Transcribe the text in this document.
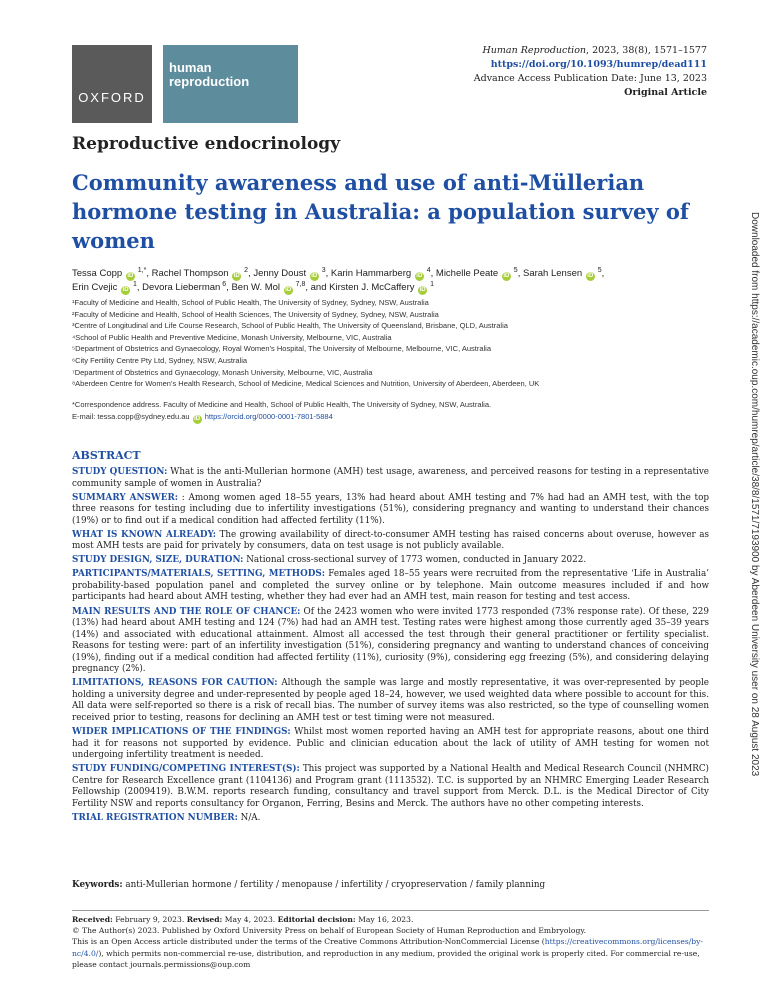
OXFORD
human
reproduction
Human Reproduction, 2023, 38(8), 1571–1577
https://doi.org/10.1093/humrep/dead111
Advance Access Publication Date: June 13, 2023
Original Article
Reproductive endocrinology
Community awareness and use of anti-Müllerian hormone testing in Australia: a population survey of women
Tessa Copp iD $^{1,*}$, Rachel Thompson iD $^2$, Jenny Doust iD $^3$, Karin Hammarberg iD $^4$, Michelle Peate iD $^5$, Sarah Lensen iD $^5$,
Erin Cvejic iD $^1$, Devora Lieberman $^6$, Ben W. Mol iD $^{7,8}$, and Kirsten J. McCaffery iD $^1$
¹Faculty of Medicine and Health, School of Public Health, The University of Sydney, Sydney, NSW, Australia
²Faculty of Medicine and Health, School of Health Sciences, The University of Sydney, Sydney, NSW, Australia
³Centre of Longitudinal and Life Course Research, School of Public Health, The University of Queensland, Brisbane, QLD, Australia
⁴School of Public Health and Preventive Medicine, Monash University, Melbourne, VIC, Australia
⁵Department of Obstetrics and Gynaecology, Royal Women’s Hospital, The University of Melbourne, Melbourne, VIC, Australia
⁶City Fertility Centre Pty Ltd, Sydney, NSW, Australia
⁷Department of Obstetrics and Gynaecology, Monash University, Melbourne, VIC, Australia
⁸Aberdeen Centre for Women’s Health Research, School of Medicine, Medical Sciences and Nutrition, University of Aberdeen, Aberdeen, UK
*Correspondence address. Faculty of Medicine and Health, School of Public Health, The University of Sydney, NSW, Australia.
E-mail: tessa.copp@sydney.edu.au iD https://orcid.org/0000-0001-7801-5884
ABSTRACT

STUDY QUESTION: What is the anti-Mullerian hormone (AMH) test usage, awareness, and perceived reasons for testing in a representative community sample of women in Australia?

SUMMARY ANSWER: : Among women aged 18–55 years, 13% had heard about AMH testing and 7% had had an AMH test, with the top three reasons for testing including due to infertility investigations (51%), considering pregnancy and wanting to understand their chances (19%) or to find out if a medical condition had affected fertility (11%).

WHAT IS KNOWN ALREADY: The growing availability of direct-to-consumer AMH testing has raised concerns about overuse, however as most AMH tests are paid for privately by consumers, data on test usage is not publicly available.

STUDY DESIGN, SIZE, DURATION: National cross-sectional survey of 1773 women, conducted in January 2022.

PARTICIPANTS/MATERIALS, SETTING, METHODS: Females aged 18–55 years were recruited from the representative ‘Life in Australia’ probability-based population panel and completed the survey online or by telephone. Main outcome measures included if and how participants had heard about AMH testing, whether they had ever had an AMH test, main reason for testing and test access.

MAIN RESULTS AND THE ROLE OF CHANCE: Of the 2423 women who were invited 1773 responded (73% response rate). Of these, 229 (13%) had heard about AMH testing and 124 (7%) had had an AMH test. Testing rates were highest among those currently aged 35–39 years (14%) and associated with educational attainment. Almost all accessed the test through their general practitioner or fertility specialist. Reasons for testing were: part of an infertility investigation (51%), considering pregnancy and wanting to understand chances of conceiving (19%), finding out if a medical condition had affected fertility (11%), curiosity (9%), considering egg freezing (5%), and considering delaying pregnancy (2%).

LIMITATIONS, REASONS FOR CAUTION: Although the sample was large and mostly representative, it was over-represented by people holding a university degree and under-represented by people aged 18–24, however, we used weighted data where possible to account for this. All data were self-reported so there is a risk of recall bias. The number of survey items was also restricted, so the type of counselling women received prior to testing, reasons for declining an AMH test or test timing were not measured.

WIDER IMPLICATIONS OF THE FINDINGS: Whilst most women reported having an AMH test for appropriate reasons, about one third had it for reasons not supported by evidence. Public and clinician education about the lack of utility of AMH testing for women not undergoing infertility treatment is needed.

STUDY FUNDING/COMPETING INTEREST(S): This project was supported by a National Health and Medical Research Council (NHMRC) Centre for Research Excellence grant (1104136) and Program grant (1113532). T.C. is supported by an NHMRC Emerging Leader Research Fellowship (2009419). B.W.M. reports research funding, consultancy and travel support from Merck. D.L. is the Medical Director of City Fertility NSW and reports consultancy for Organon, Ferring, Besins and Merck. The authors have no other competing interests.

TRIAL REGISTRATION NUMBER: N/A.

Keywords: anti-Mullerian hormone / fertility / menopause / infertility / cryopreservation / family planning
Received: February 9, 2023. Revised: May 4, 2023. Editorial decision: May 16, 2023.
© The Author(s) 2023. Published by Oxford University Press on behalf of European Society of Human Reproduction and Embryology.
This is an Open Access article distributed under the terms of the Creative Commons Attribution-NonCommercial License (https://creativecommons.org/licenses/by-nc/4.0/), which permits non-commercial re-use, distribution, and reproduction in any medium, provided the original work is properly cited. For commercial re-use, please contact journals.permissions@oup.com
Downloaded from https://academic.oup.com/humrep/article/38/8/1571/7193900 by Aberdeen University user on 28 August 2023
